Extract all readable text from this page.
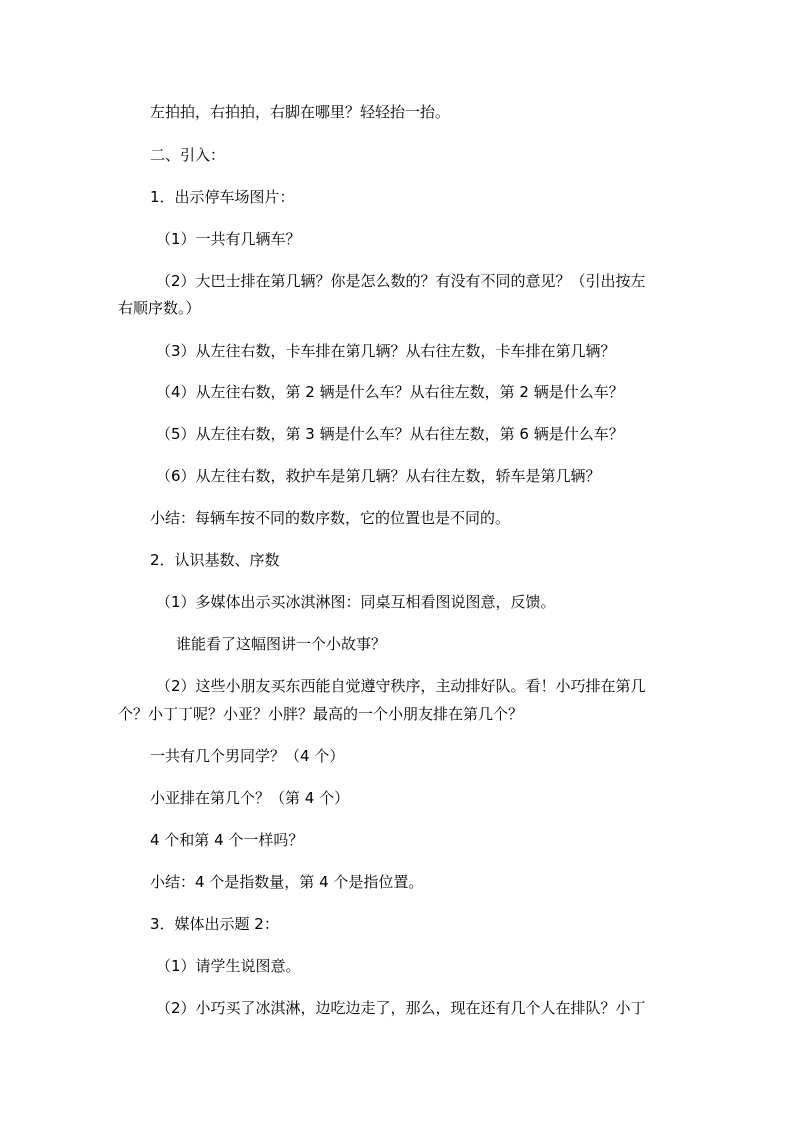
左拍拍，右拍拍，右脚在哪里？轻轻抬一抬。
二、引入：
1．出示停车场图片：
（1）一共有几辆车？
（2）大巴士排在第几辆？你是怎么数的？有没有不同的意见？（引出按左
右顺序数。）
（3）从左往右数，卡车排在第几辆？从右往左数，卡车排在第几辆？
（4）从左往右数，第 2 辆是什么车？从右往左数，第 2 辆是什么车？
（5）从左往右数，第 3 辆是什么车？从右往左数，第 6 辆是什么车？
（6）从左往右数，救护车是第几辆？从右往左数，轿车是第几辆？
小结：每辆车按不同的数序数，它的位置也是不同的。
2．认识基数、序数
（1）多媒体出示买冰淇淋图：同桌互相看图说图意，反馈。
谁能看了这幅图讲一个小故事？
（2）这些小朋友买东西能自觉遵守秩序，主动排好队。看！小巧排在第几
个？小丁丁呢？小亚？小胖？最高的一个小朋友排在第几个？
一共有几个男同学？（4 个）
小亚排在第几个？（第 4 个）
4 个和第 4 个一样吗？
小结：4 个是指数量，第 4 个是指位置。
3．媒体出示题 2：
（1）请学生说图意。
（2）小巧买了冰淇淋，边吃边走了，那么，现在还有几个人在排队？小丁
